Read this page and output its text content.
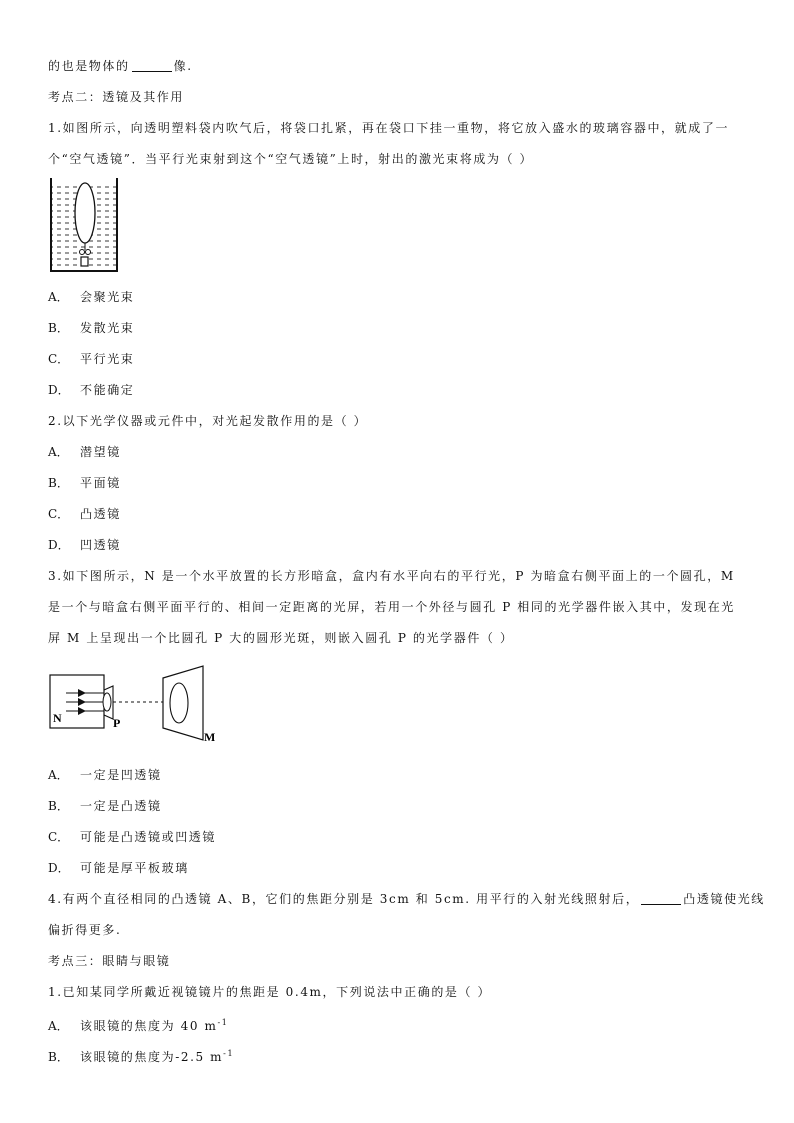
的也是物体的	像.
考点二：透镜及其作用
1.如图所示，向透明塑料袋内吹气后，将袋口扎紧，再在袋口下挂一重物，将它放入盛水的玻璃容器中，就成了一
个“空气透镜”．当平行光束射到这个“空气透镜”上时，射出的激光束将成为（ ）
A． 会聚光束
B． 发散光束
C． 平行光束
D． 不能确定
2.以下光学仪器或元件中，对光起发散作用的是（ ）
A． 潜望镜
B． 平面镜
C． 凸透镜
D． 凹透镜
3.如下图所示，N 是一个水平放置的长方形暗盒，盒内有水平向右的平行光，P 为暗盒右侧平面上的一个圆孔，M
是一个与暗盒右侧平面平行的、相间一定距离的光屏，若用一个外径与圆孔 P 相同的光学器件嵌入其中，发现在光
屏 M 上呈现出一个比圆孔 P 大的圆形光斑，则嵌入圆孔 P 的光学器件（ ）
N	P
M
A． 一定是凹透镜
B． 一定是凸透镜
C． 可能是凸透镜或凹透镜
D． 可能是厚平板玻璃
4.有两个直径相同的凸透镜 A、B，它们的焦距分别是 3cm 和 5cm. 用平行的入射光线照射后，	凸透镜使光线
偏折得更多.
考点三：眼睛与眼镜
1.已知某同学所戴近视镜镜片的焦距是 0.4m，下列说法中正确的是（ ）
A． 该眼镜的焦度为 40 $m^{-1}$
B． 该眼镜的焦度为-2.5 $m^{-1}$
